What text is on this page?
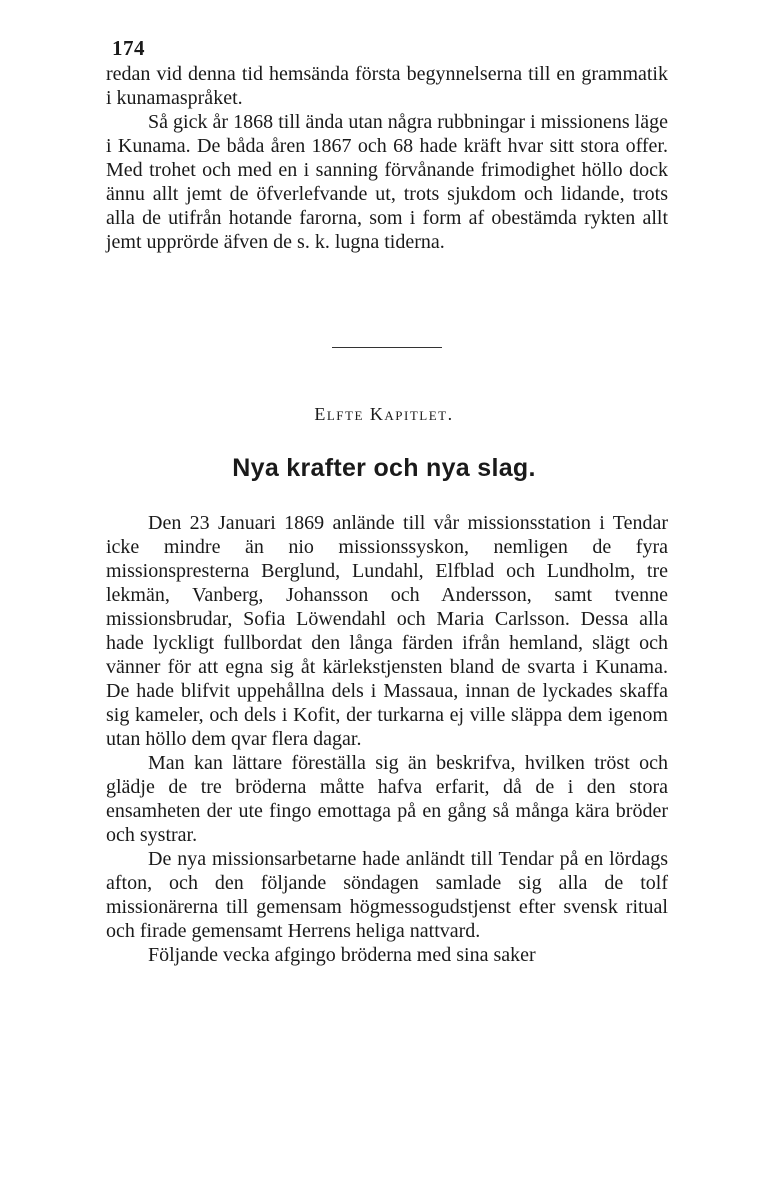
174

redan vid denna tid hemsända första begynnelserna till en grammatik i kunamaspråket.

Så gick år 1868 till ända utan några rubbningar i missionens läge i Kunama. De båda åren 1867 och 68 hade kräft hvar sitt stora offer. Med trohet och med en i sanning förvånande frimodighet höllo dock ännu allt jemt de öfverlefvande ut, trots sjukdom och lidande, trots alla de utifrån hotande farorna, som i form af obestämda rykten allt jemt upprörde äfven de s. k. lugna tiderna.

Elfte Kapitlet.
Nya krafter och nya slag.

Den 23 Januari 1869 anlände till vår missionsstation i Tendar icke mindre än nio missionssyskon, nemligen de fyra missionspresterna Berglund, Lundahl, Elfblad och Lundholm, tre lekmän, Vanberg, Johansson och Andersson, samt tvenne missionsbrudar, Sofia Löwendahl och Maria Carlsson. Dessa alla hade lyckligt fullbordat den långa färden ifrån hemland, slägt och vänner för att egna sig åt kärlekstjensten bland de svarta i Kunama. De hade blifvit uppehållna dels i Massaua, innan de lyckades skaffa sig kameler, och dels i Kofit, der turkarna ej ville släppa dem igenom utan höllo dem qvar flera dagar.

Man kan lättare föreställa sig än beskrifva, hvilken tröst och glädje de tre bröderna måtte hafva erfarit, då de i den stora ensamheten der ute fingo emottaga på en gång så många kära bröder och systrar.

De nya missionsarbetarne hade anländt till Tendar på en lördags afton, och den följande söndagen samlade sig alla de tolf missionärerna till gemensam högmessogudstjenst efter svensk ritual och firade gemensamt Herrens heliga nattvard.

Följande vecka afgingo bröderna med sina saker
